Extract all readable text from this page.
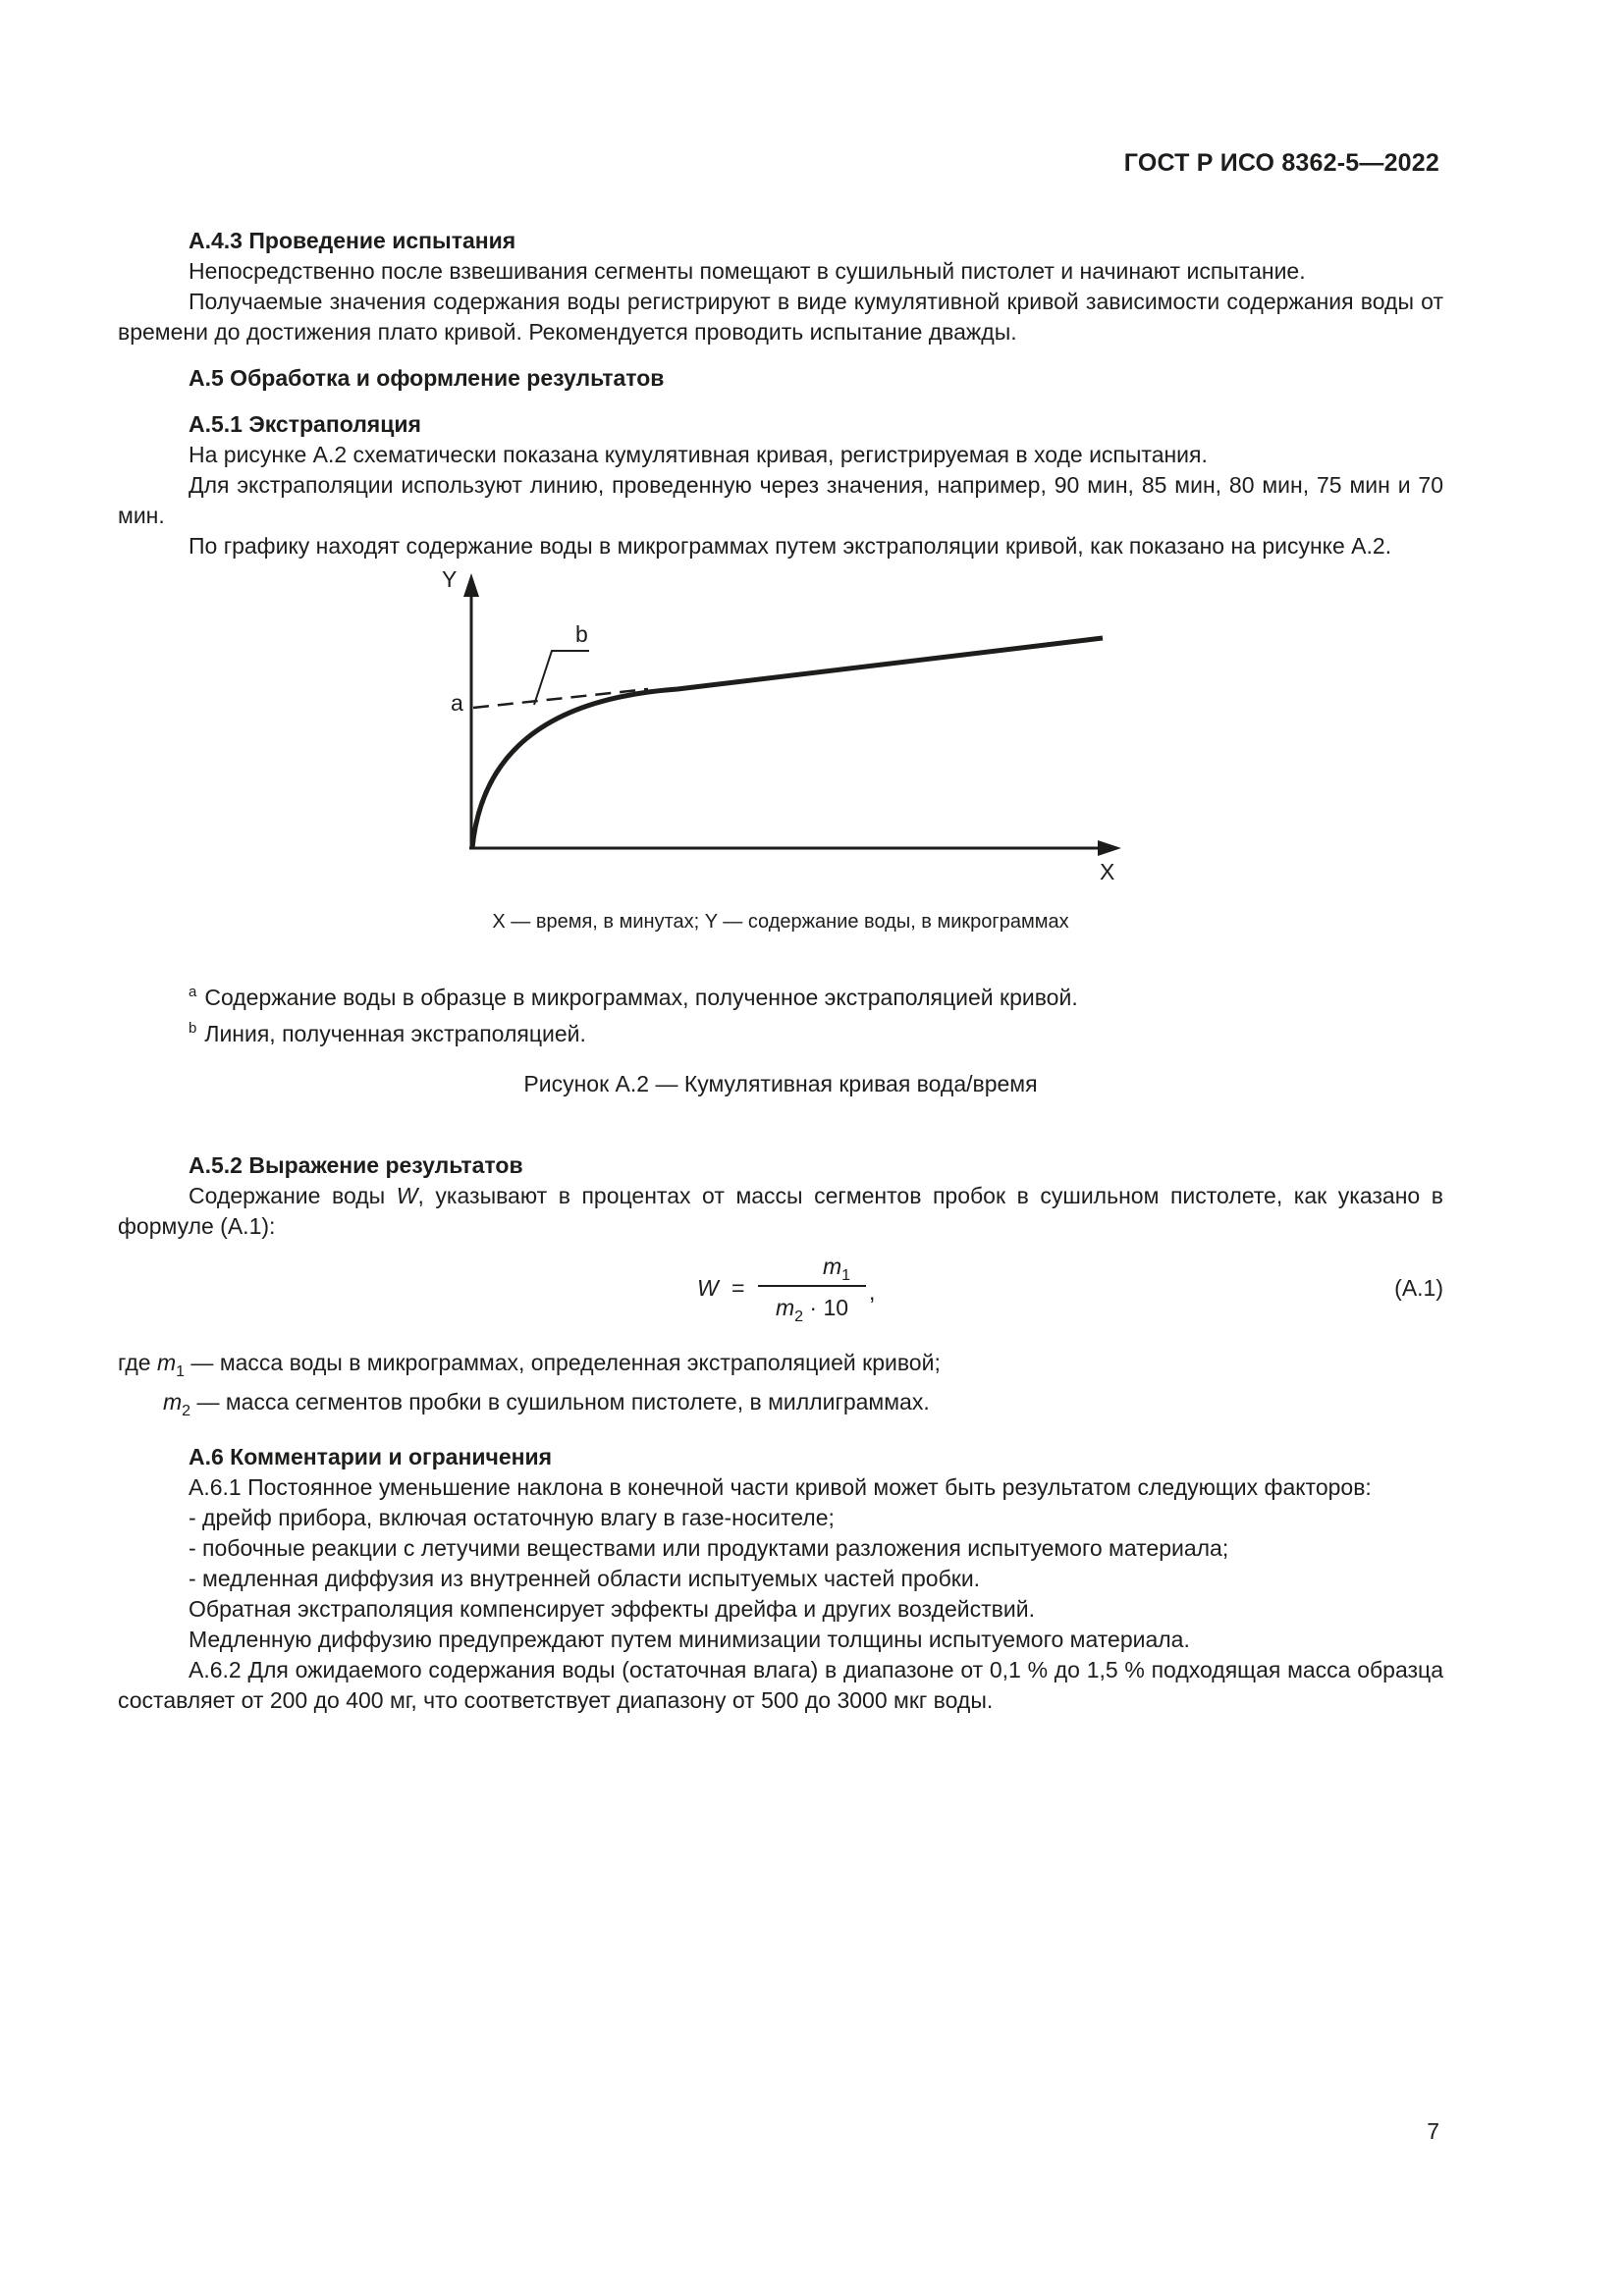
ГОСТ Р ИСО 8362-5—2022
А.4.3 Проведение испытания

Непосредственно после взвешивания сегменты помещают в сушильный пистолет и начинают испытание.

Получаемые значения содержания воды регистрируют в виде кумулятивной кривой зависимости содержания воды от времени до достижения плато кривой. Рекомендуется проводить испытание дважды.

А.5 Обработка и оформление результатов
А.5.1 Экстраполяция

На рисунке А.2 схематически показана кумулятивная кривая, регистрируемая в ходе испытания.

Для экстраполяции используют линию, проведенную через значения, например, 90 мин, 85 мин, 80 мин, 75 мин и 70 мин.

По графику находят содержание воды в микрограммах путем экстраполяции кривой, как показано на рисунке А.2.

Y
X
a
b
X — время, в минутах; Y — содержание воды, в микрограммах
$^a$ Содержание воды в образце в микрограммах, полученное экстраполяцией кривой.
$^b$ Линия, полученная экстраполяцией.
Рисунок А.2 — Кумулятивная кривая вода/время
А.5.2 Выражение результатов

Содержание воды W, указывают в процентах от массы сегментов пробок в сушильном пистолете, как указано в формуле (А.1):

W =
$m_1$
$m_2 \cdot 10$
,	(А.1)
где $m_1$ — масса воды в микрограммах, определенная экстраполяцией кривой;
$m_2$ — масса сегментов пробки в сушильном пистолете, в миллиграммах.
А.6 Комментарии и ограничения

А.6.1 Постоянное уменьшение наклона в конечной части кривой может быть результатом следующих факторов:

- дрейф прибора, включая остаточную влагу в газе-носителе;
- побочные реакции с летучими веществами или продуктами разложения испытуемого материала;
- медленная диффузия из внутренней области испытуемых частей пробки.

Обратная экстраполяция компенсирует эффекты дрейфа и других воздействий.

Медленную диффузию предупреждают путем минимизации толщины испытуемого материала.

А.6.2 Для ожидаемого содержания воды (остаточная влага) в диапазоне от 0,1 % до 1,5 % подходящая масса образца составляет от 200 до 400 мг, что соответствует диапазону от 500 до 3000 мкг воды.

7
